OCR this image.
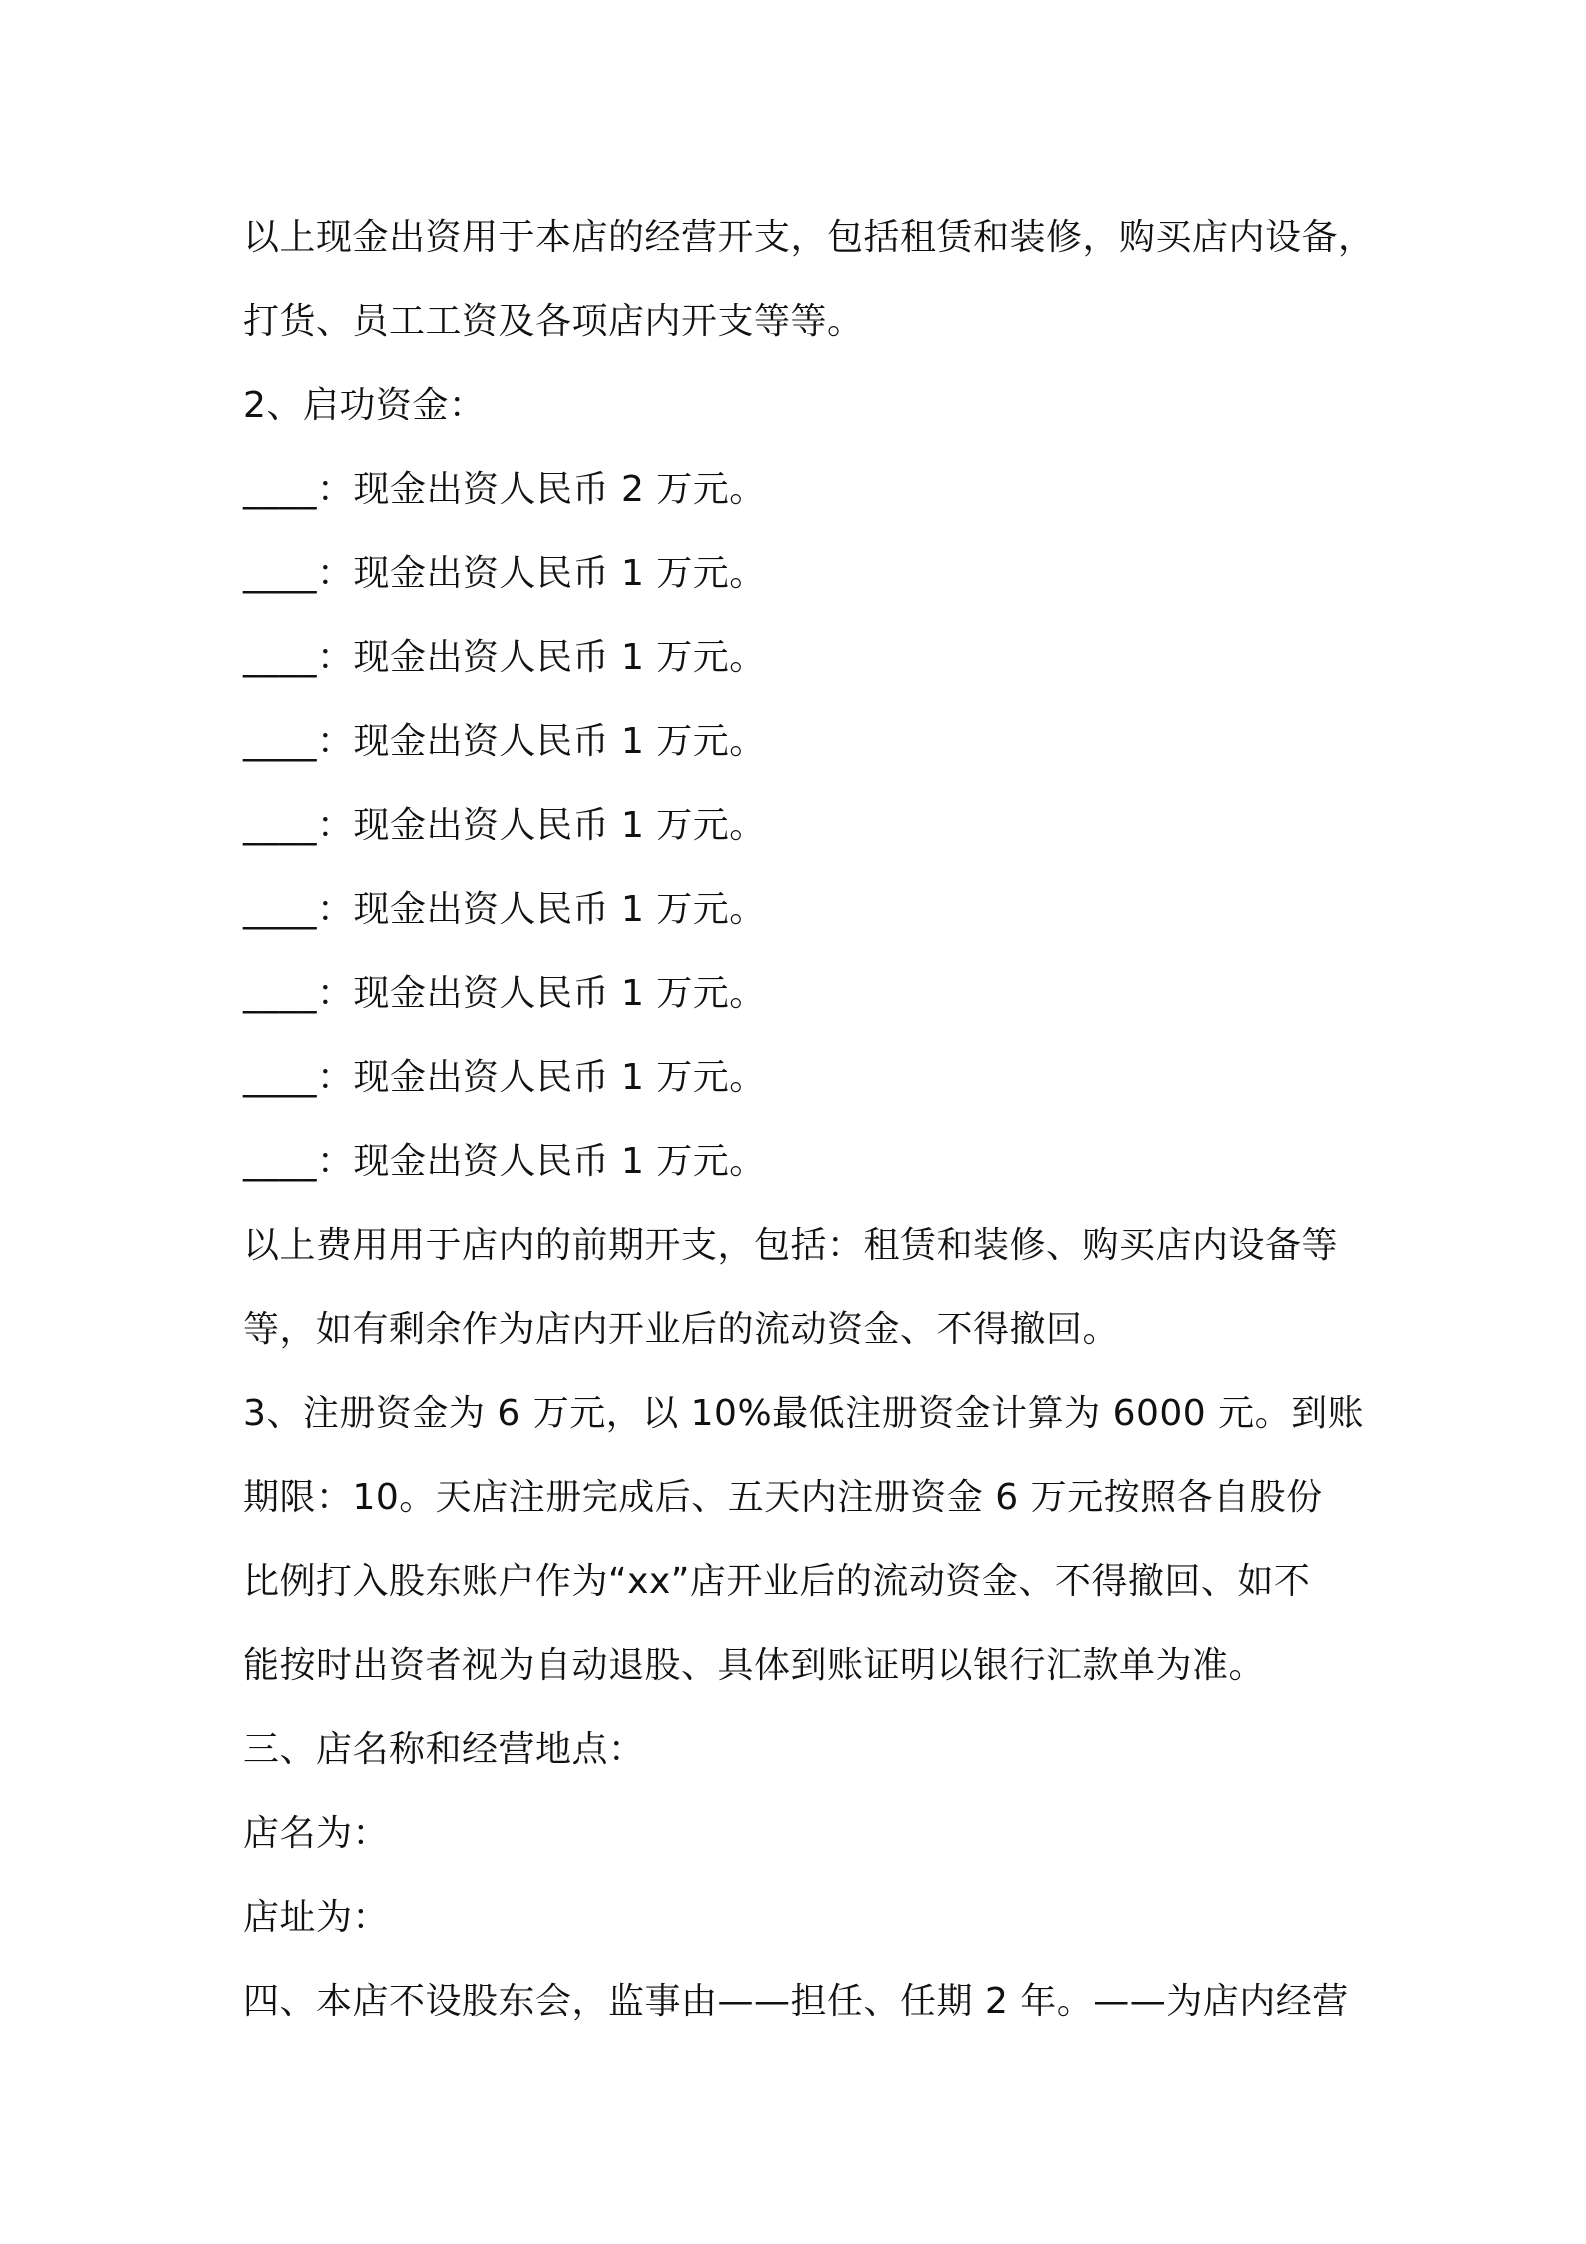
以上现金出资用于本店的经营开支，包括租赁和装修，购买店内设备，
打货、员工工资及各项店内开支等等。
2、启功资金：
____：现金出资人民币 2 万元。
____：现金出资人民币 1 万元。
____：现金出资人民币 1 万元。
____：现金出资人民币 1 万元。
____：现金出资人民币 1 万元。
____：现金出资人民币 1 万元。
____：现金出资人民币 1 万元。
____：现金出资人民币 1 万元。
____：现金出资人民币 1 万元。
以上费用用于店内的前期开支，包括：租赁和装修、购买店内设备等
等，如有剩余作为店内开业后的流动资金、不得撤回。
3、注册资金为 6 万元，以 10%最低注册资金计算为 6000 元。到账
期限：10。天店注册完成后、五天内注册资金 6 万元按照各自股份
比例打入股东账户作为“xx”店开业后的流动资金、不得撤回、如不
能按时出资者视为自动退股、具体到账证明以银行汇款单为准。
三、店名称和经营地点：
店名为：
店址为：
四、本店不设股东会，监事由——担任、任期 2 年。——为店内经营
